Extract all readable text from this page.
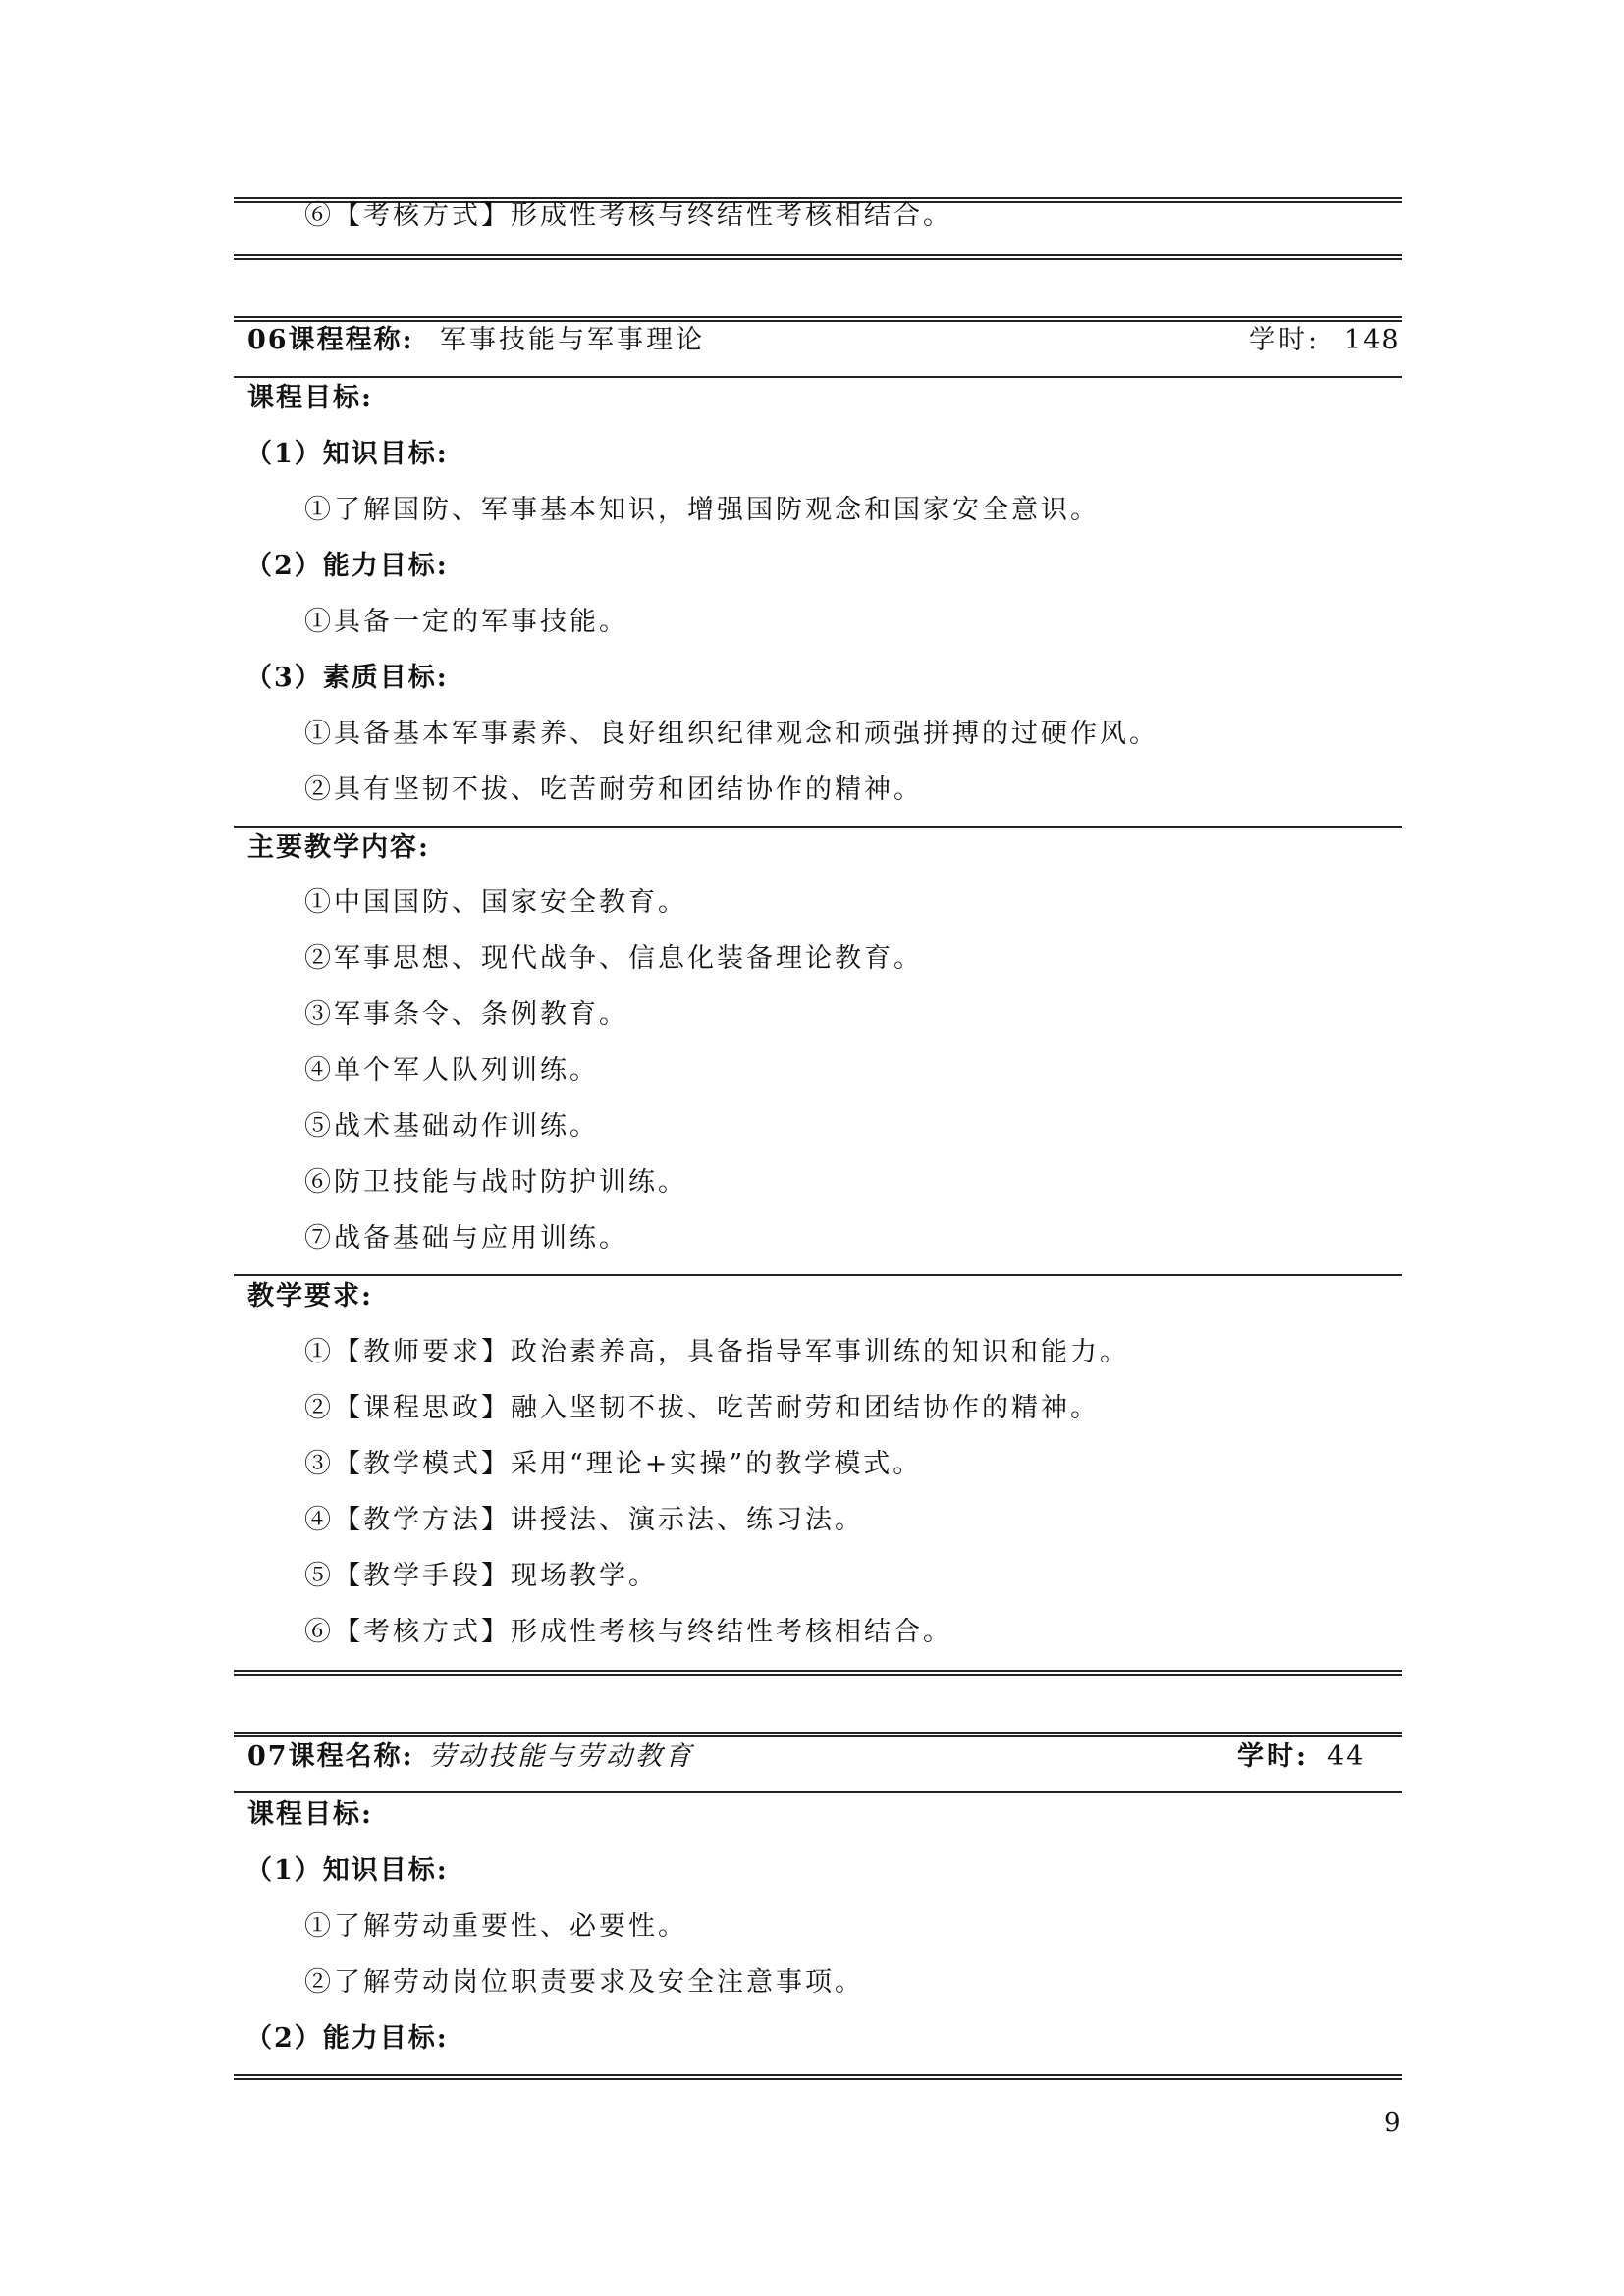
⑥【考核方式】形成性考核与终结性考核相结合。
06课程程称: 军事技能与军事理论	学时: 148
课程目标:
（1）知识目标:
①了解国防、军事基本知识，增强国防观念和国家安全意识。
（2）能力目标:
①具备一定的军事技能。
（3）素质目标:
①具备基本军事素养、良好组织纪律观念和顽强拼搏的过硬作风。
②具有坚韧不拔、吃苦耐劳和团结协作的精神。
主要教学内容:
①中国国防、国家安全教育。
②军事思想、现代战争、信息化装备理论教育。
③军事条令、条例教育。
④单个军人队列训练。
⑤战术基础动作训练。
⑥防卫技能与战时防护训练。
⑦战备基础与应用训练。
教学要求:
①【教师要求】政治素养高，具备指导军事训练的知识和能力。
②【课程思政】融入坚韧不拔、吃苦耐劳和团结协作的精神。
③【教学模式】采用“理论+实操”的教学模式。
④【教学方法】讲授法、演示法、练习法。
⑤【教学手段】现场教学。
⑥【考核方式】形成性考核与终结性考核相结合。
07课程名称: 劳动技能与劳动教育	学时: 44
课程目标:
（1）知识目标:
①了解劳动重要性、必要性。
②了解劳动岗位职责要求及安全注意事项。
（2）能力目标:
9
